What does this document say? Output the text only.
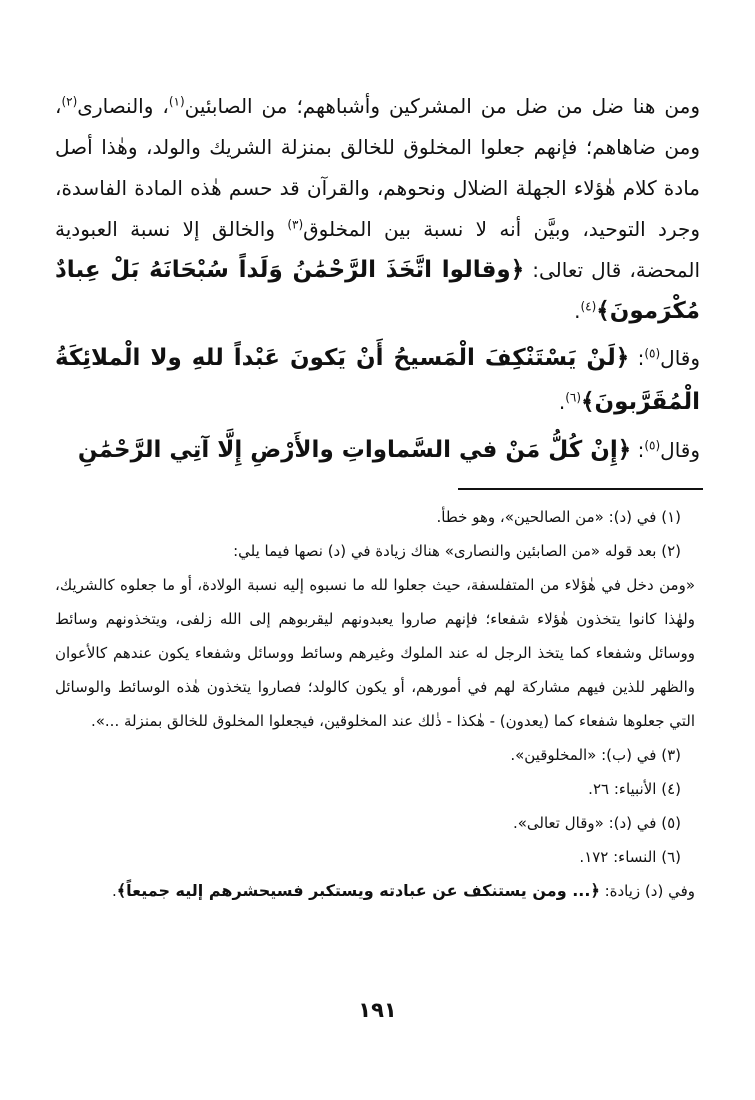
ومن هنا ضل من ضل من المشركين وأشباههم؛ من الصابئين$^{(١)}$، والنصارى$^{(٢)}$، ومن ضاهاهم؛ فإنهم جعلوا المخلوق للخالق بمنزلة الشريك والولد، وهٰذا أصل مادة كلام هٰؤلاء الجهلة الضلال ونحوهم، والقرآن قد حسم هٰذه المادة الفاسدة، وجرد التوحيد، وبيَّن أنه لا نسبة بين المخلوق$^{(٣)}$ والخالق إلا نسبة العبودية المحضة، قال تعالى: ﴿وقالوا اتَّخَذَ الرَّحْمَٰنُ وَلَداً سُبْحَانَهُ بَلْ عِبادٌ مُكْرَمونَ﴾$^{(٤)}$.

وقال$^{(٥)}$: ﴿لَنْ يَسْتَنْكِفَ الْمَسيحُ أَنْ يَكونَ عَبْداً للهِ ولا الْملائِكَةُ الْمُقَرَّبونَ﴾$^{(٦)}$.

وقال$^{(٥)}$: ﴿إِنْ كُلُّ مَنْ في السَّماواتِ والأَرْضِ إِلَّا آتِي الرَّحْمَٰنِ

(١) في (د): «من الصالحين»، وهو خطأ.

(٢) بعد قوله «من الصابئين والنصارى» هناك زيادة في (د) نصها فيما يلي:

«ومن دخل في هٰؤلاء من المتفلسفة، حيث جعلوا لله ما نسبوه إليه نسبة الولادة، أو ما جعلوه كالشريك، ولهٰذا كانوا يتخذون هٰؤلاء شفعاء؛ فإنهم صاروا يعبدونهم ليقربوهم إلى الله زلفى، ويتخذونهم وسائط ووسائل وشفعاء كما يتخذ الرجل له عند الملوك وغيرهم وسائط ووسائل وشفعاء يكون عندهم كالأعوان والظهر للذين فيهم مشاركة لهم في أمورهم، أو يكون كالولد؛ فصاروا يتخذون هٰذه الوسائط والوسائل التي جعلوها شفعاء كما (يعدون) - هٰكذا - ذٰلك عند المخلوقين، فيجعلوا المخلوق للخالق بمنزلة ...».

(٣) في (ب): «المخلوقين».

(٤) الأنبياء: ٢٦.

(٥) في (د): «وقال تعالى».

(٦) النساء: ١٧٢.

وفي (د) زيادة: ﴿... ومن يستنكف عن عبادته ويستكبر فسيحشرهم إليه جميعاً﴾.

١٩١
